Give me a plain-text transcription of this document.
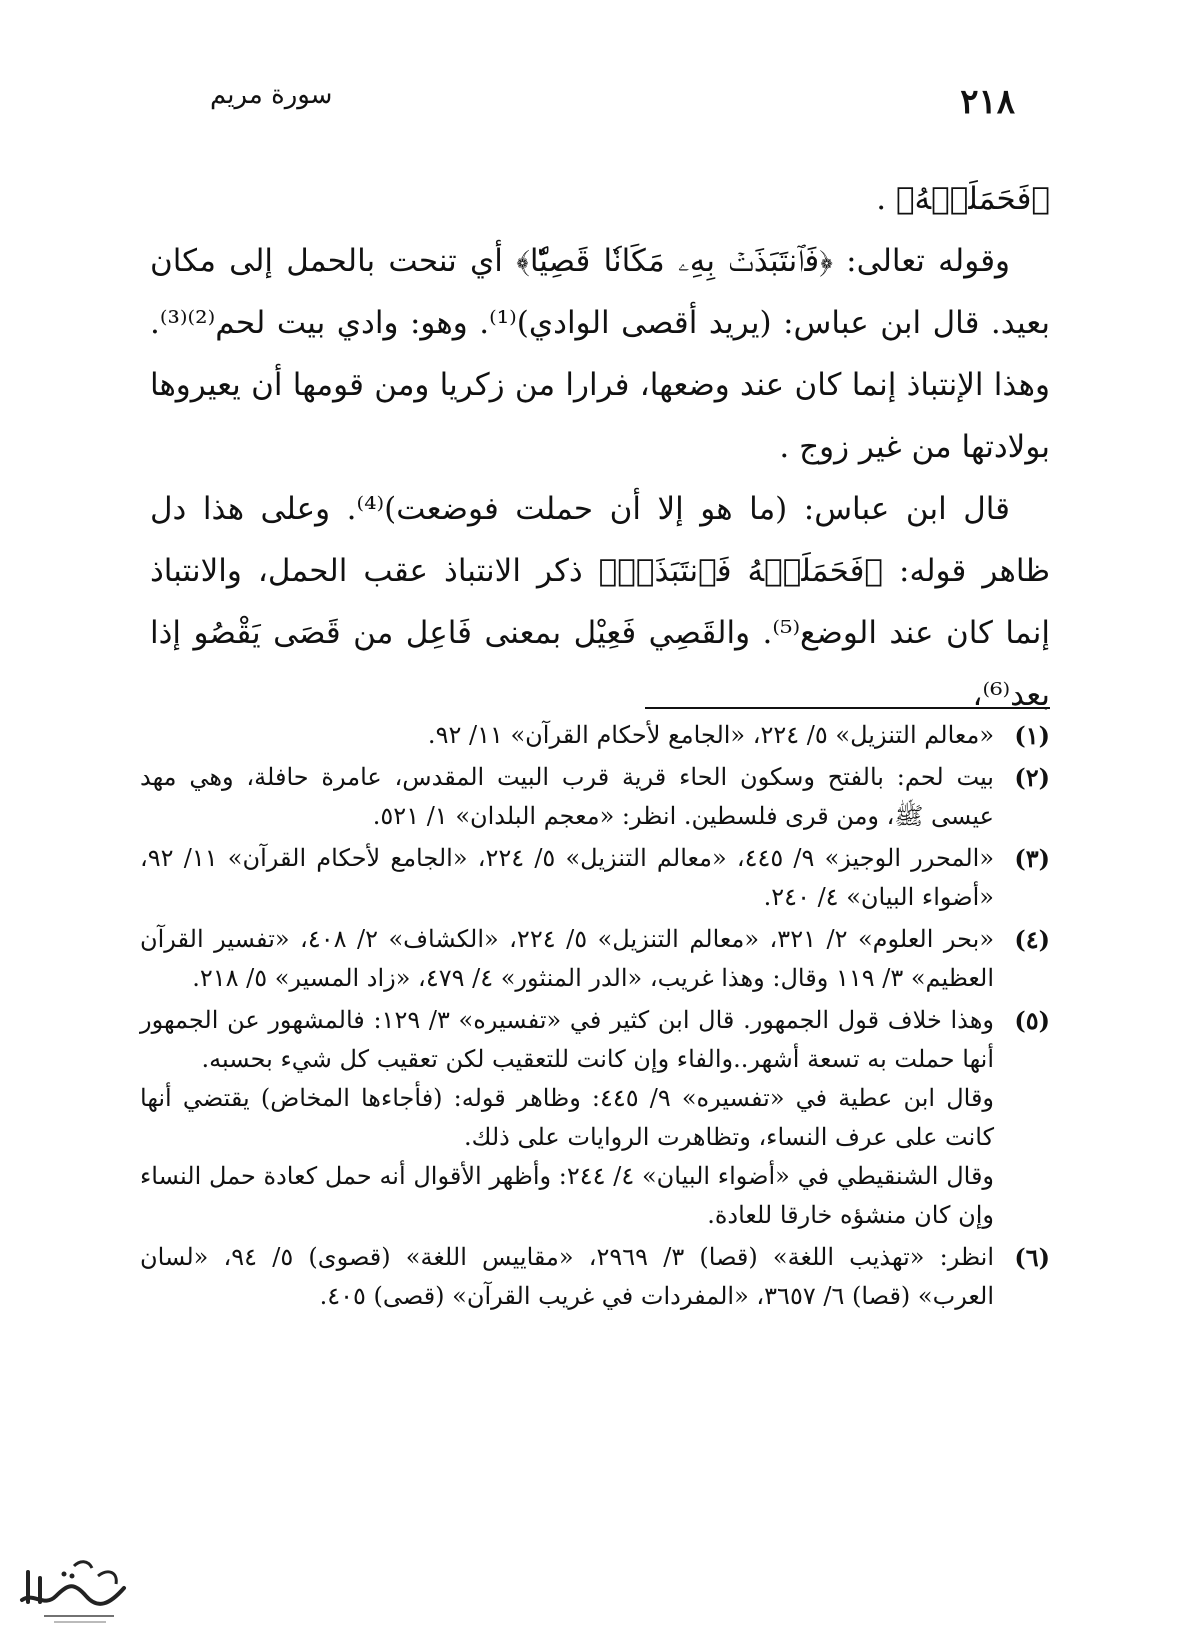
٢١٨
سورة مريم

﴿فَحَمَلَتۡهُ﴾ .

وقوله تعالى: ﴿فَٱنتَبَذَتۡ بِهِۦ مَكَانٗا قَصِيّٗا﴾ أي تنحت بالحمل إلى مكان بعيد. قال ابن عباس: (يريد أقصى الوادي)⁽¹⁾. وهو: وادي بيت لحم⁽²⁾⁽³⁾. وهذا الإنتباذ إنما كان عند وضعها، فرارا من زكريا ومن قومها أن يعيروها بولادتها من غير زوج .

قال ابن عباس: (ما هو إلا أن حملت فوضعت)⁽⁴⁾. وعلى هذا دل ظاهر قوله: ﴿فَحَمَلَتۡهُ فَٱنتَبَذَتۡ﴾ ذكر الانتباذ عقب الحمل، والانتباذ إنما كان عند الوضع⁽⁵⁾. والقَصِي فَعِيْل بمعنى فَاعِل من قَصَى يَقْصُو إذا بعد⁽⁶⁾،

(١)

«معالم التنزيل» ٥/ ٢٢٤، «الجامع لأحكام القرآن» ١١/ ٩٢.

(٢)

بيت لحم: بالفتح وسكون الحاء قرية قرب البيت المقدس، عامرة حافلة، وهي مهد عيسى ﷺ، ومن قرى فلسطين. انظر: «معجم البلدان» ١/ ٥٢١.

(٣)

«المحرر الوجيز» ٩/ ٤٤٥، «معالم التنزيل» ٥/ ٢٢٤، «الجامع لأحكام القرآن» ١١/ ٩٢، «أضواء البيان» ٤/ ٢٤٠.

(٤)

«بحر العلوم» ٢/ ٣٢١، «معالم التنزيل» ٥/ ٢٢٤، «الكشاف» ٢/ ٤٠٨، «تفسير القرآن العظيم» ٣/ ١١٩ وقال: وهذا غريب، «الدر المنثور» ٤/ ٤٧٩، «زاد المسير» ٥/ ٢١٨.

(٥)

وهذا خلاف قول الجمهور. قال ابن كثير في «تفسيره» ٣/ ١٢٩: فالمشهور عن الجمهور أنها حملت به تسعة أشهر..والفاء وإن كانت للتعقيب لكن تعقيب كل شيء بحسبه.

وقال ابن عطية في «تفسيره» ٩/ ٤٤٥: وظاهر قوله: (فأجاءها المخاض) يقتضي أنها كانت على عرف النساء، وتظاهرت الروايات على ذلك.

وقال الشنقيطي في «أضواء البيان» ٤/ ٢٤٤: وأظهر الأقوال أنه حمل كعادة حمل النساء وإن كان منشؤه خارقا للعادة.

(٦)

انظر: «تهذيب اللغة» (قصا) ٣/ ٢٩٦٩، «مقاييس اللغة» (قصوى) ٥/ ٩٤، «لسان العرب» (قصا) ٦/ ٣٦٥٧، «المفردات في غريب القرآن» (قصى) ٤٠٥.
